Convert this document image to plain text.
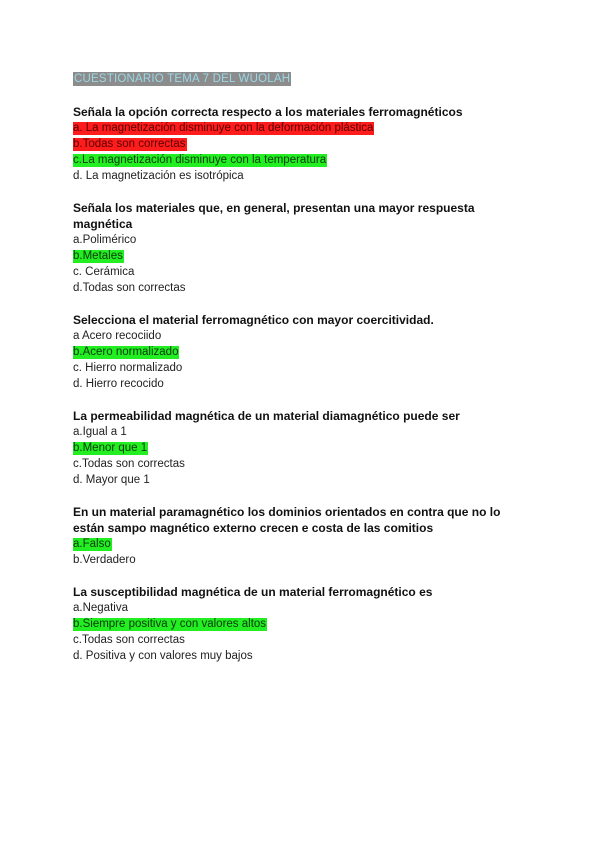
CUESTIONARIO TEMA 7 DEL WUOLAH

Señala la opción correcta respecto a los materiales ferromagnéticos

a. La magnetización disminuye con la deformación plástica

b.Todas son correctas

c.La magnetización disminuye con la temperatura

d. La magnetización es isotrópica

Señala los materiales que, en general, presentan una mayor respuesta magnética

a.Polimérico

b.Metales

c. Cerámica

d.Todas son correctas

Selecciona el material ferromagnético con mayor coercitividad.

a Acero recociido

b.Acero normalizado

c. Hierro normalizado

d. Hierro recocido

La permeabilidad magnética de un material diamagnético puede ser

a.Igual a 1

b.Menor que 1

c.Todas son correctas

d. Mayor que 1

En un material paramagnético los dominios orientados en contra que no lo están sampo magnético externo crecen e costa de las comitios

a.Falso

b.Verdadero

La susceptibilidad magnética de un material ferromagnético es

a.Negativa

b.Siempre positiva y con valores altos

c.Todas son correctas

d. Positiva y con valores muy bajos
